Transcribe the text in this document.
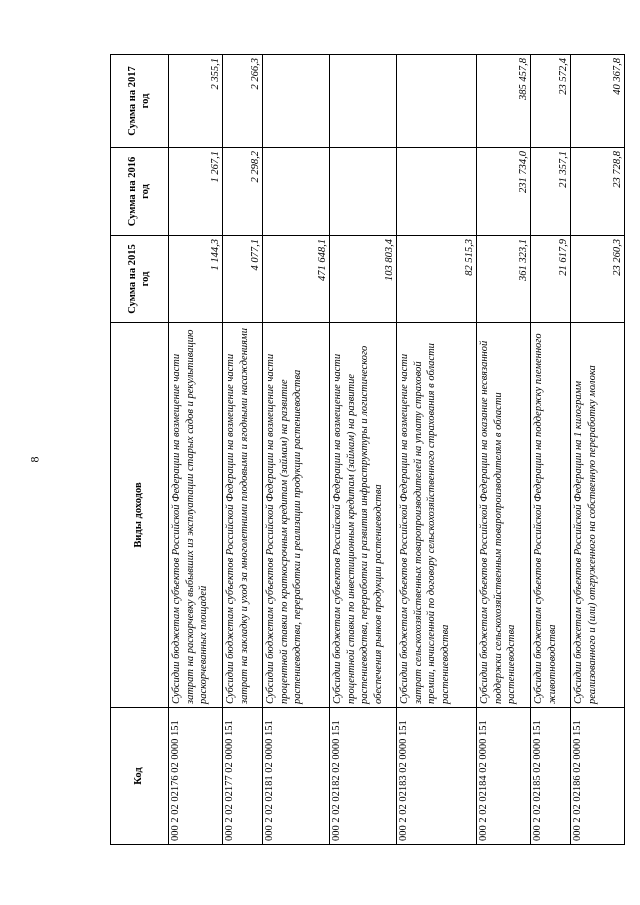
8
Код	Виды доходов	Сумма на 2015 год	Сумма на 2016 год	Сумма на 2017 год
000 2 02 02176 02 0000 151	Субсидии бюджетам субъектов Российской Федерации на возмещение части затрат на раскорчевку выбывших из эксплуатации старых садов и рекультивацию раскорчеванных площадей	1 144,3	1 267,1	2 355,1
000 2 02 02177 02 0000 151	Субсидии бюджетам субъектов Российской Федерации на возмещение части затрат на закладку и уход за многолетними плодовыми и ягодными насаждениями	4 077,1	2 298,2	2 266,3
000 2 02 02181 02 0000 151	Субсидии бюджетам субъектов Российской Федерации на возмещение части процентной ставки по краткосрочным кредитам (займам) на развитие растениеводства, переработки и реализации продукции растениеводства	471 648,1		
000 2 02 02182 02 0000 151	Субсидии бюджетам субъектов Российской Федерации на возмещение части процентной ставки по инвестиционным кредитам (займам) на развитие растениеводства, переработки и развития инфраструктуры и логистического обеспечения рынков продукции растениеводства	103 803,4		
000 2 02 02183 02 0000 151	Субсидии бюджетам субъектов Российской Федерации на возмещение части затрат сельскохозяйственных товаропроизводителей на уплату страховой премии, начисленной по договору сельскохозяйственного страхования в области растениеводства	82 515,3		
000 2 02 02184 02 0000 151	Субсидии бюджетам субъектов Российской Федерации на оказание несвязанной поддержки сельскохозяйственным товаропроизводителям в области растениеводства	361 323,1	231 734,0	385 457,8
000 2 02 02185 02 0000 151	Субсидии бюджетам субъектов Российской Федерации на поддержку племенного животноводства	21 617,9	21 357,1	23 572,4
000 2 02 02186 02 0000 151	Субсидии бюджетам субъектов Российской Федерации на 1 килограмм реализованного и (или) отгруженного на собственную переработку молока	23 260,3	23 728,8	40 367,8
